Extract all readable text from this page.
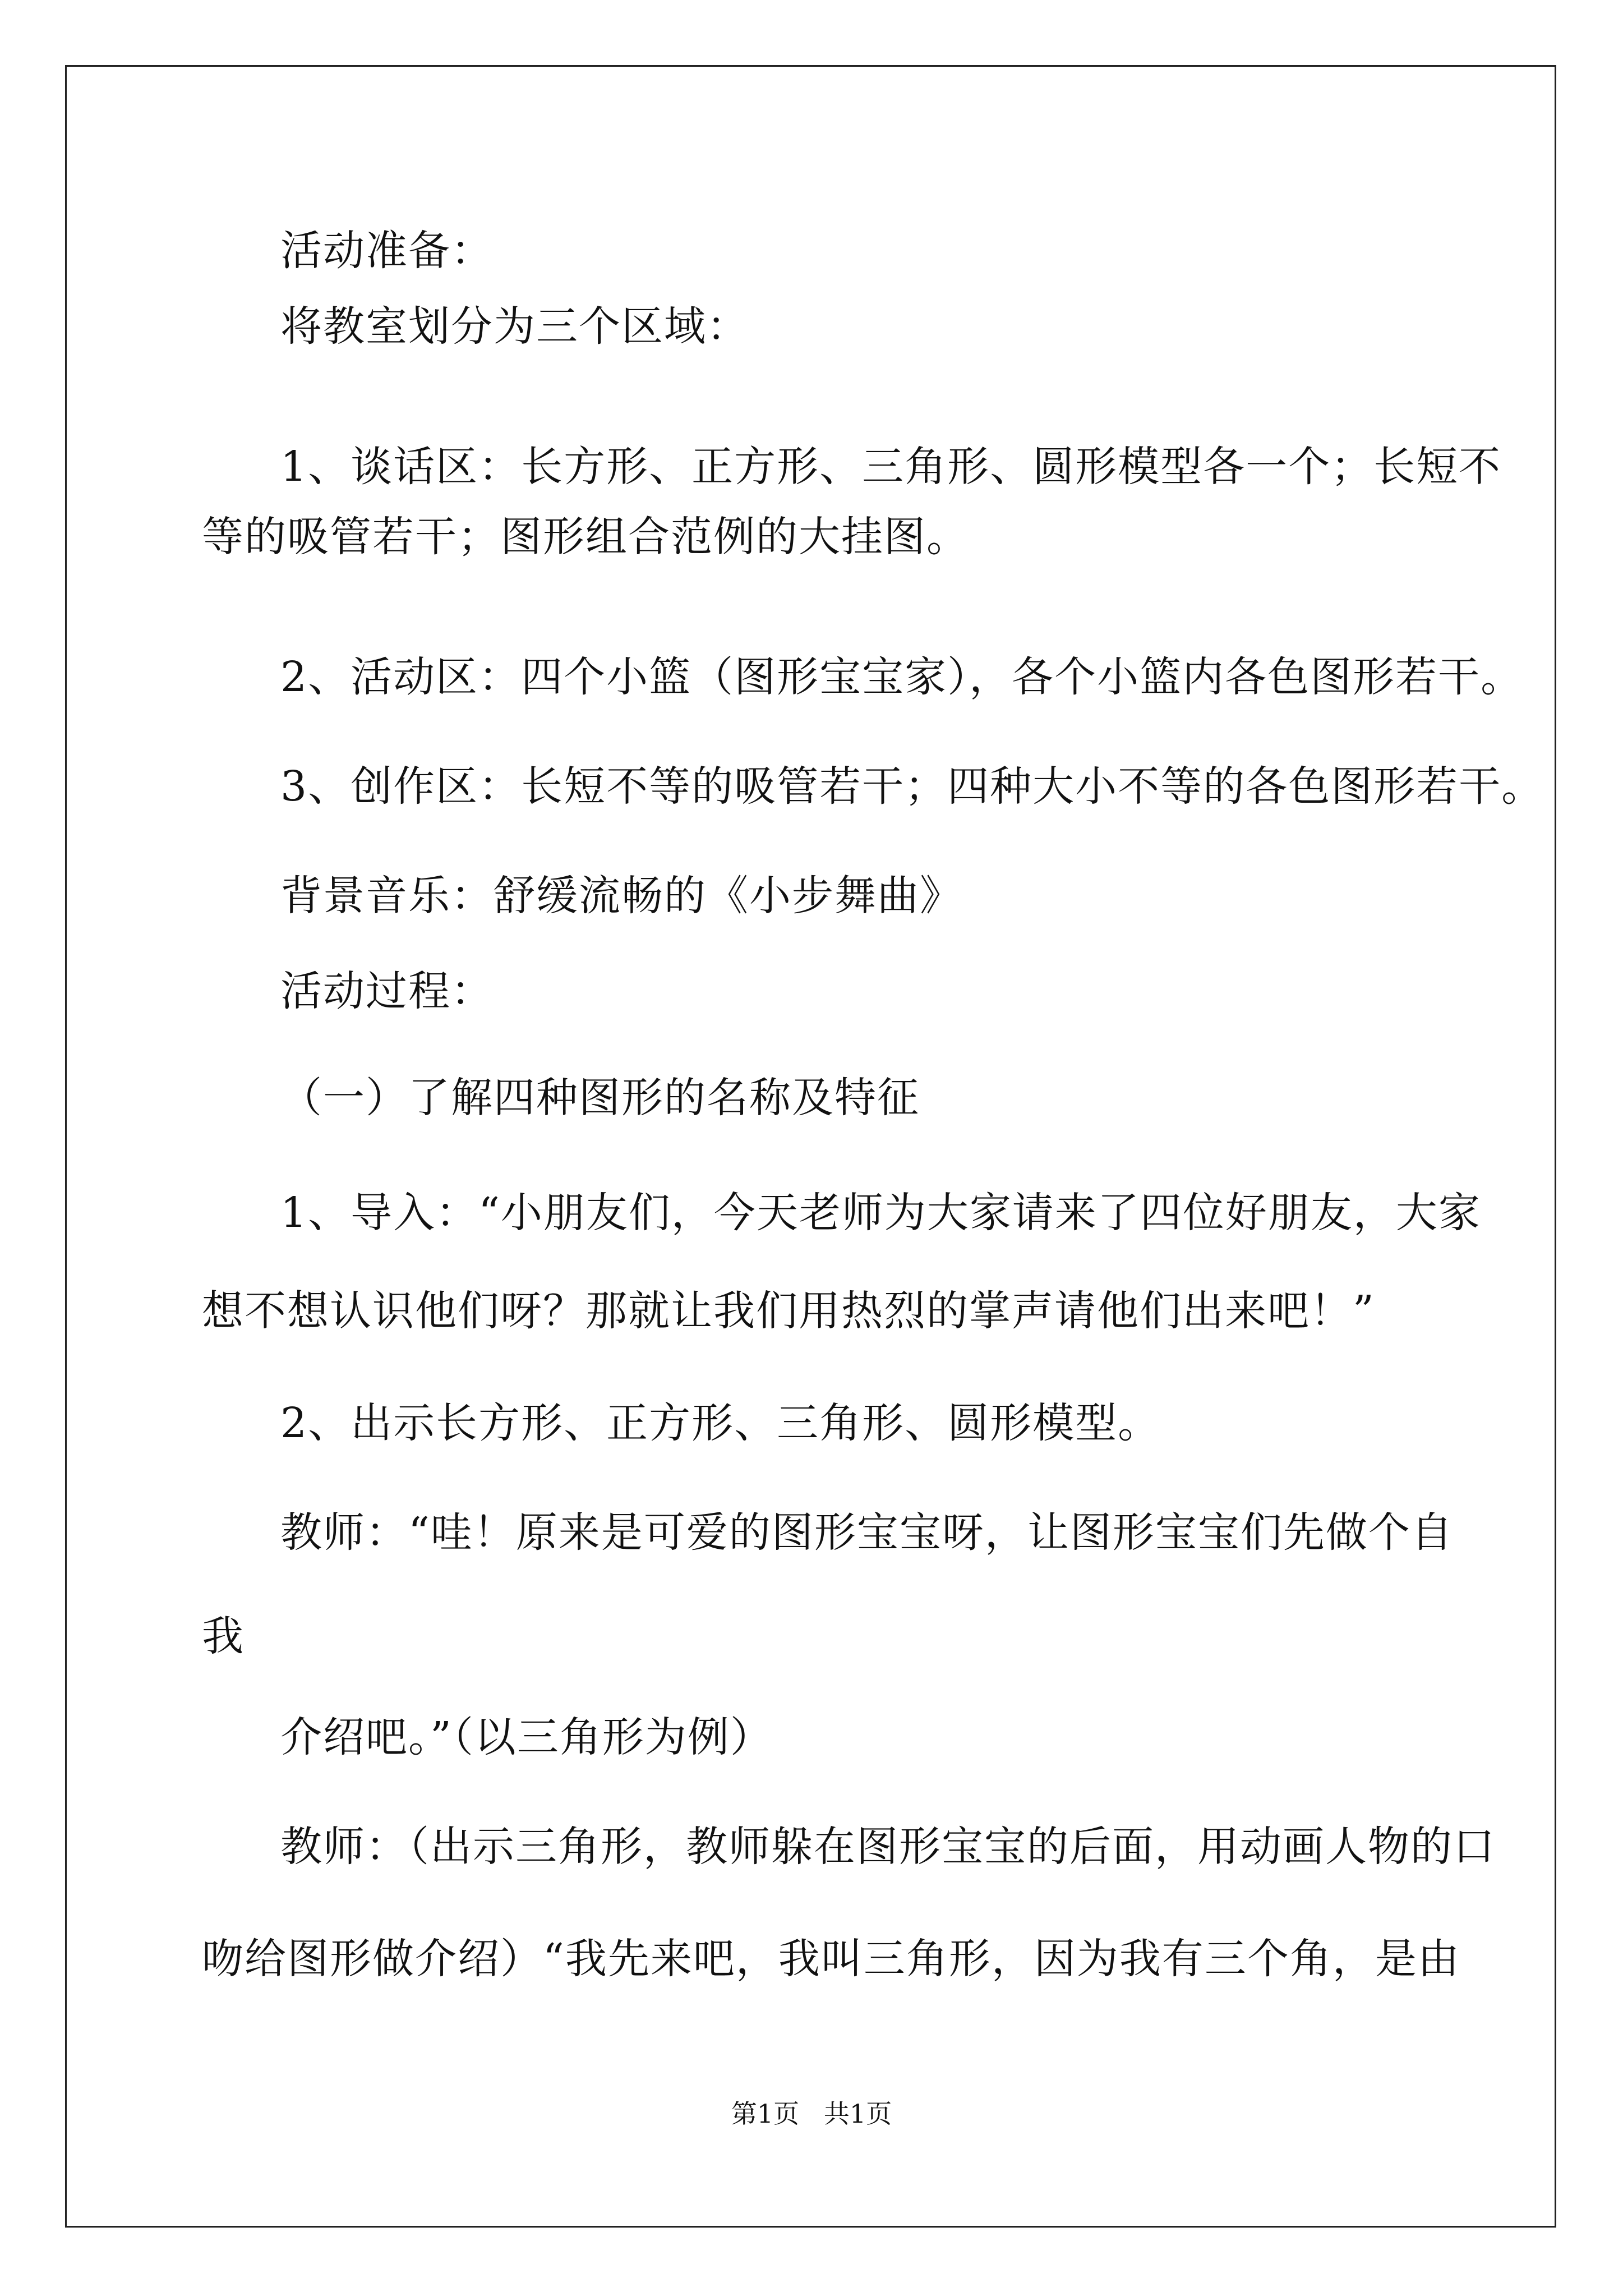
活动准备：
将教室划分为三个区域：
1、谈话区：长方形、正方形、三角形、圆形模型各一个；长短不
等的吸管若干；图形组合范例的大挂图。
2、活动区：四个小篮（图形宝宝家），各个小篮内各色图形若干。
3、创作区：长短不等的吸管若干；四种大小不等的各色图形若干。
背景音乐：舒缓流畅的《小步舞曲》
活动过程：
（一）了解四种图形的名称及特征
1、导入：“小朋友们，今天老师为大家请来了四位好朋友，大家
想不想认识他们呀？那就让我们用热烈的掌声请他们出来吧！”
2、出示长方形、正方形、三角形、圆形模型。
教师：“哇！原来是可爱的图形宝宝呀，让图形宝宝们先做个自
我
介绍吧。”（以三角形为例）
教师：（出示三角形，教师躲在图形宝宝的后面，用动画人物的口
吻给图形做介绍）“我先来吧，我叫三角形，因为我有三个角，是由
第1页   共1页
